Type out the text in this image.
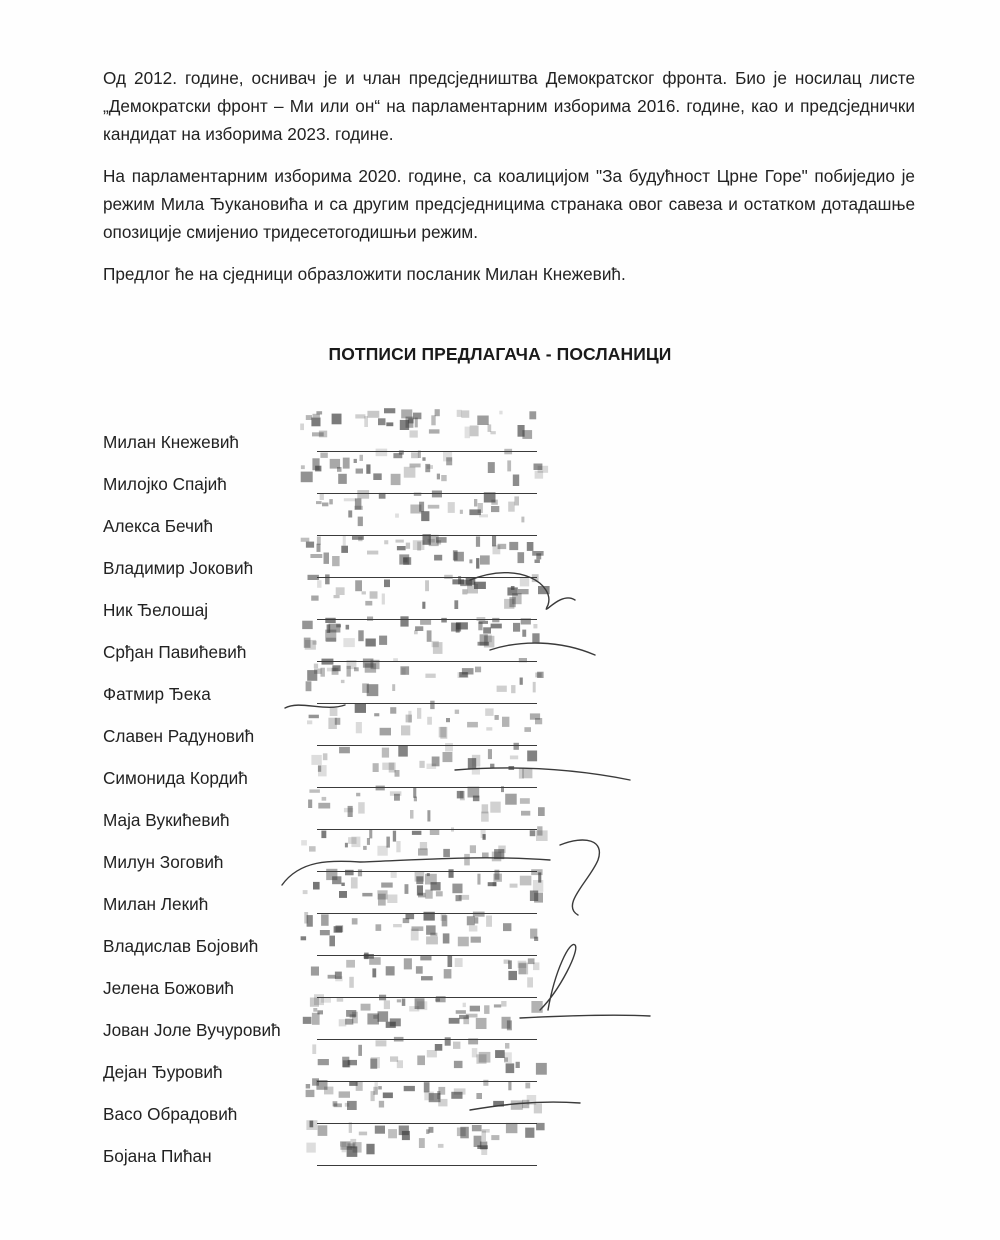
Од 2012. године, оснивач је и члан предсједништва Демократског фронта. Био је носилац листе „Демократски фронт – Ми или он“ на парламентарним изборима 2016. године, као и предсједнички кандидат на изборима 2023. године.

На парламентарним изборима 2020. године, са коалицијом "За будућност Црне Горе" побиједио је режим Мила Ђукановића и са другим предсједницима странака овог савеза и остатком дотадашње опозиције смијенио тридесетогодишњи режим.

Предлог ће на сједници образложити посланик Милан Кнежевић.

ПОТПИСИ ПРЕДЛАГАЧА - ПОСЛАНИЦИ
Милан Кнежевић
Милојко Спајић
Алекса Бечић
Владимир Јоковић
Ник Ђелошај
Срђан Павићевић
Фатмир Ђека
Славен Радуновић
Симонида Кордић
Маја Вукићевић
Милун Зоговић
Милан Лекић
Владислав Бојовић
Јелена Божовић
Јован Јоле Вучуровић
Дејан Ђуровић
Васо Обрадовић
Бојана Пићан
